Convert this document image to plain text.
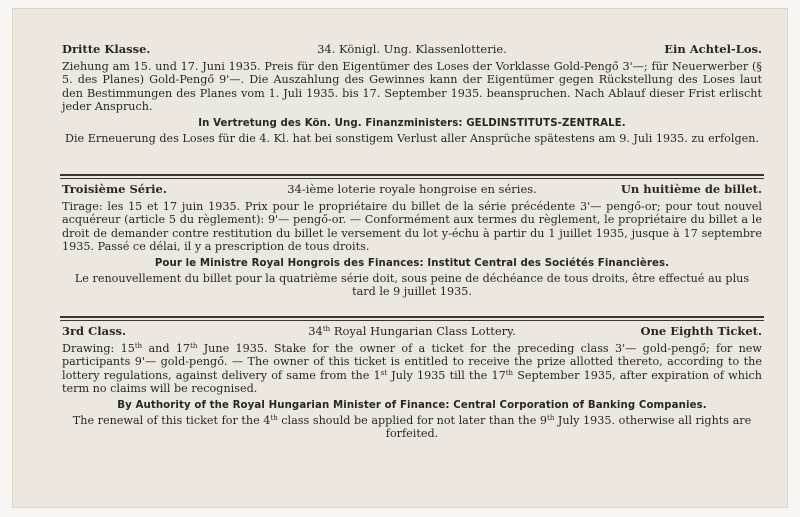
Dritte Klasse.	34. Königl. Ung. Klassenlotterie.	Ein Achtel-Los.
Ziehung am 15. und 17. Juni 1935. Preis für den Eigentümer des Loses der Vorklasse Gold-Pengő 3'—; für Neuerwerber (§ 5. des Planes) Gold-Pengő 9'—. Die Auszahlung des Gewinnes kann der Eigentümer gegen Rückstellung des Loses laut den Bestimmungen des Planes vom 1. Juli 1935. bis 17. September 1935. beanspruchen. Nach Ablauf dieser Frist erlischt jeder Anspruch.
In Vertretung des Kön. Ung. Finanzministers: GELDINSTITUTS-ZENTRALE.
Die Erneuerung des Loses für die 4. Kl. hat bei sonstigem Verlust aller Ansprüche spätestens am 9. Juli 1935. zu erfolgen.
Troisième Série.	34-ième loterie royale hongroise en séries.	Un huitième de billet.
Tirage: les 15 et 17 juin 1935. Prix pour le propriétaire du billet de la série précédente 3'— pengő-or; pour tout nouvel acquéreur (article 5 du règlement): 9'— pengő-or. — Conformément aux termes du règlement, le propriétaire du billet a le droit de demander contre restitution du billet le versement du lot y-échu à partir du 1 juillet 1935, jusque à 17 septembre 1935. Passé ce délai, il y a prescription de tous droits.
Pour le Ministre Royal Hongrois des Finances: Institut Central des Sociétés Financières.
Le renouvellement du billet pour la quatrième série doit, sous peine de déchéance de tous droits, être effectué au plus tard le 9 juillet 1935.
3rd Class.	34th Royal Hungarian Class Lottery.	One Eighth Ticket.
Drawing: 15th and 17th June 1935. Stake for the owner of a ticket for the preceding class 3'— gold-pengő; for new participants 9'— gold-pengő. — The owner of this ticket is entitled to receive the prize allotted thereto, according to the lottery regulations, against delivery of same from the 1st July 1935 till the 17th September 1935, after expiration of which term no claims will be recognised.
By Authority of the Royal Hungarian Minister of Finance: Central Corporation of Banking Companies.
The renewal of this ticket for the 4th class should be applied for not later than the 9th July 1935. otherwise all rights are forfeited.
